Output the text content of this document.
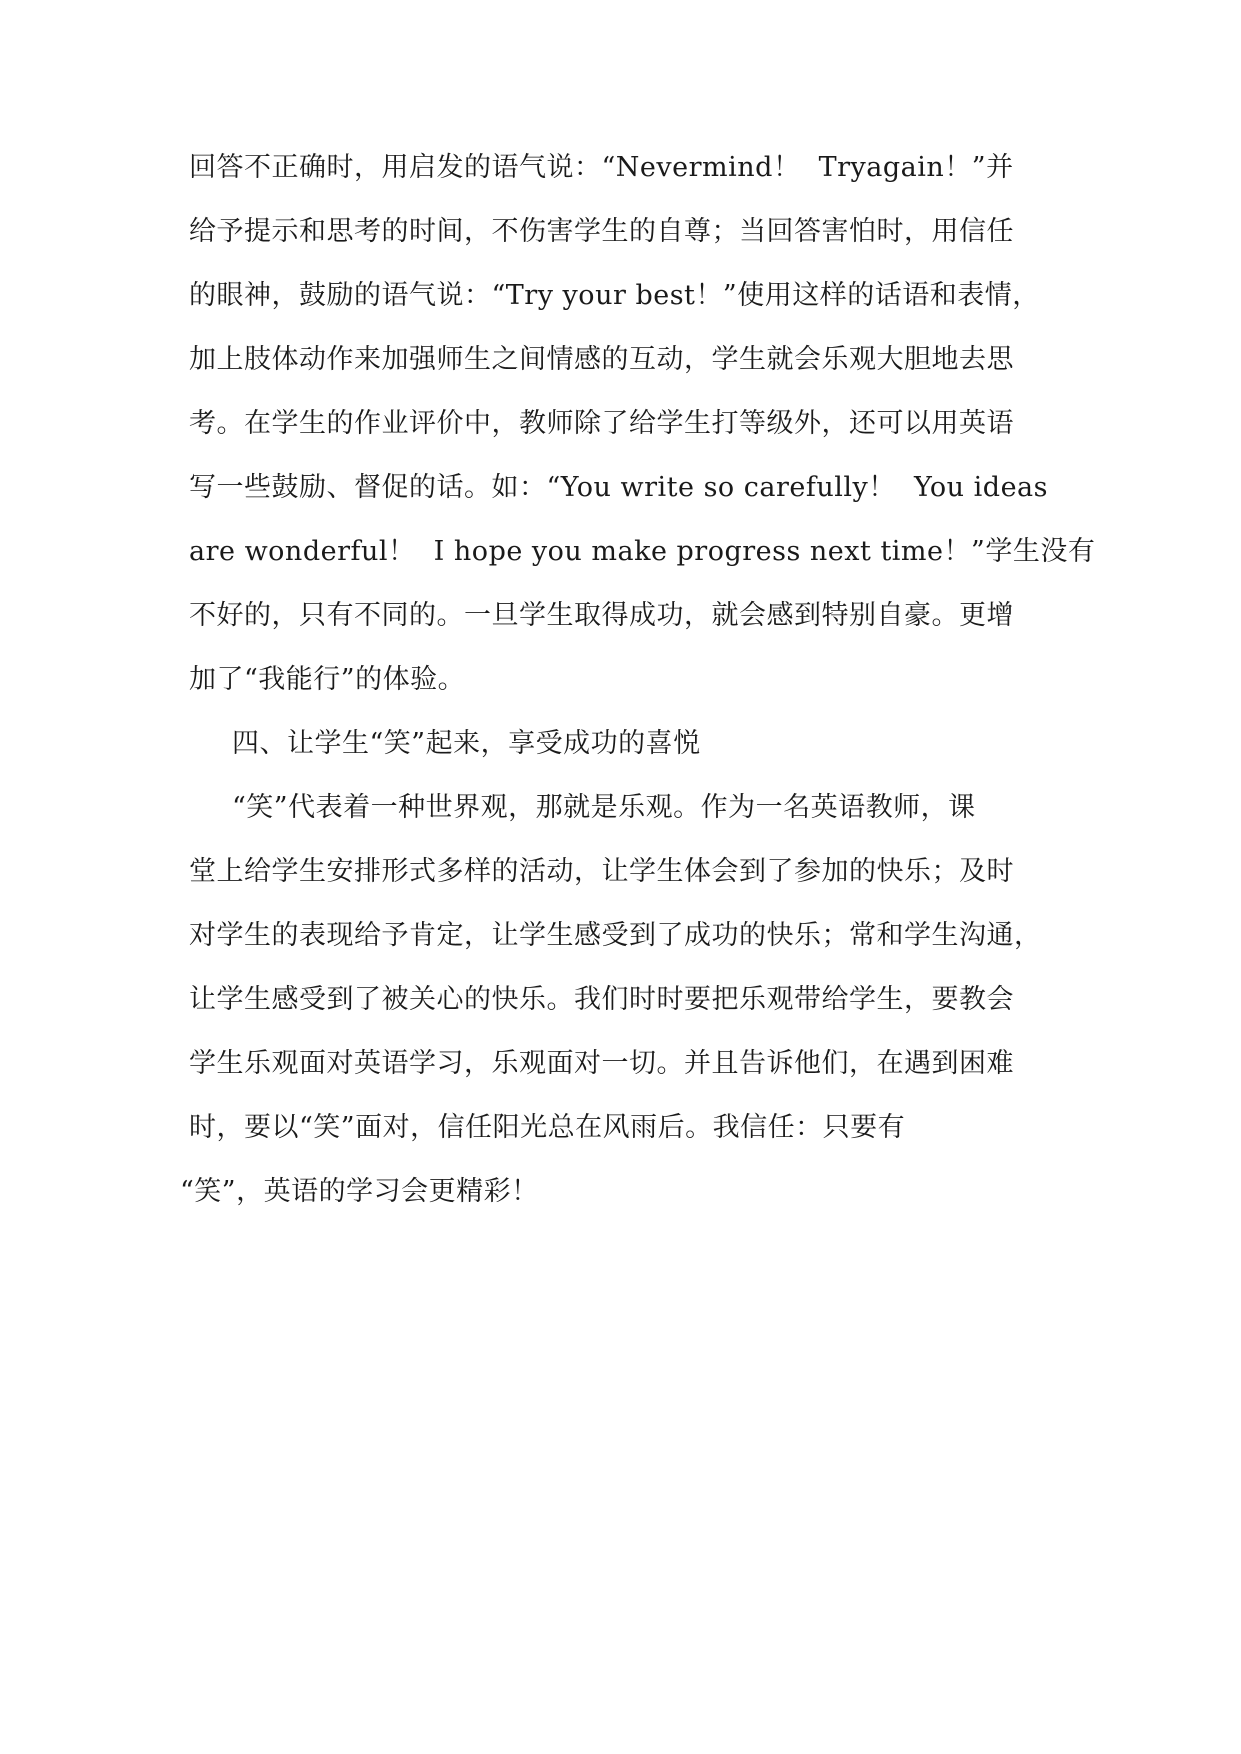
回答不正确时，用启发的语气说：“Nevermind！  Tryagain！”并
给予提示和思考的时间，不伤害学生的自尊；当回答害怕时，用信任
的眼神，鼓励的语气说：“Try your best！”使用这样的话语和表情，
加上肢体动作来加强师生之间情感的互动，学生就会乐观大胆地去思
考。在学生的作业评价中，教师除了给学生打等级外，还可以用英语
写一些鼓励、督促的话。如：“You write so carefully！  You ideas
are wonderful！  I hope you make progress next time！”学生没有
不好的，只有不同的。一旦学生取得成功，就会感到特别自豪。更增
加了“我能行”的体验。
四、让学生“笑”起来，享受成功的喜悦
“笑”代表着一种世界观，那就是乐观。作为一名英语教师，课
堂上给学生安排形式多样的活动，让学生体会到了参加的快乐；及时
对学生的表现给予肯定，让学生感受到了成功的快乐；常和学生沟通，
让学生感受到了被关心的快乐。我们时时要把乐观带给学生，要教会
学生乐观面对英语学习，乐观面对一切。并且告诉他们，在遇到困难
时，要以“笑”面对，信任阳光总在风雨后。我信任：只要有
“笑”，英语的学习会更精彩！
